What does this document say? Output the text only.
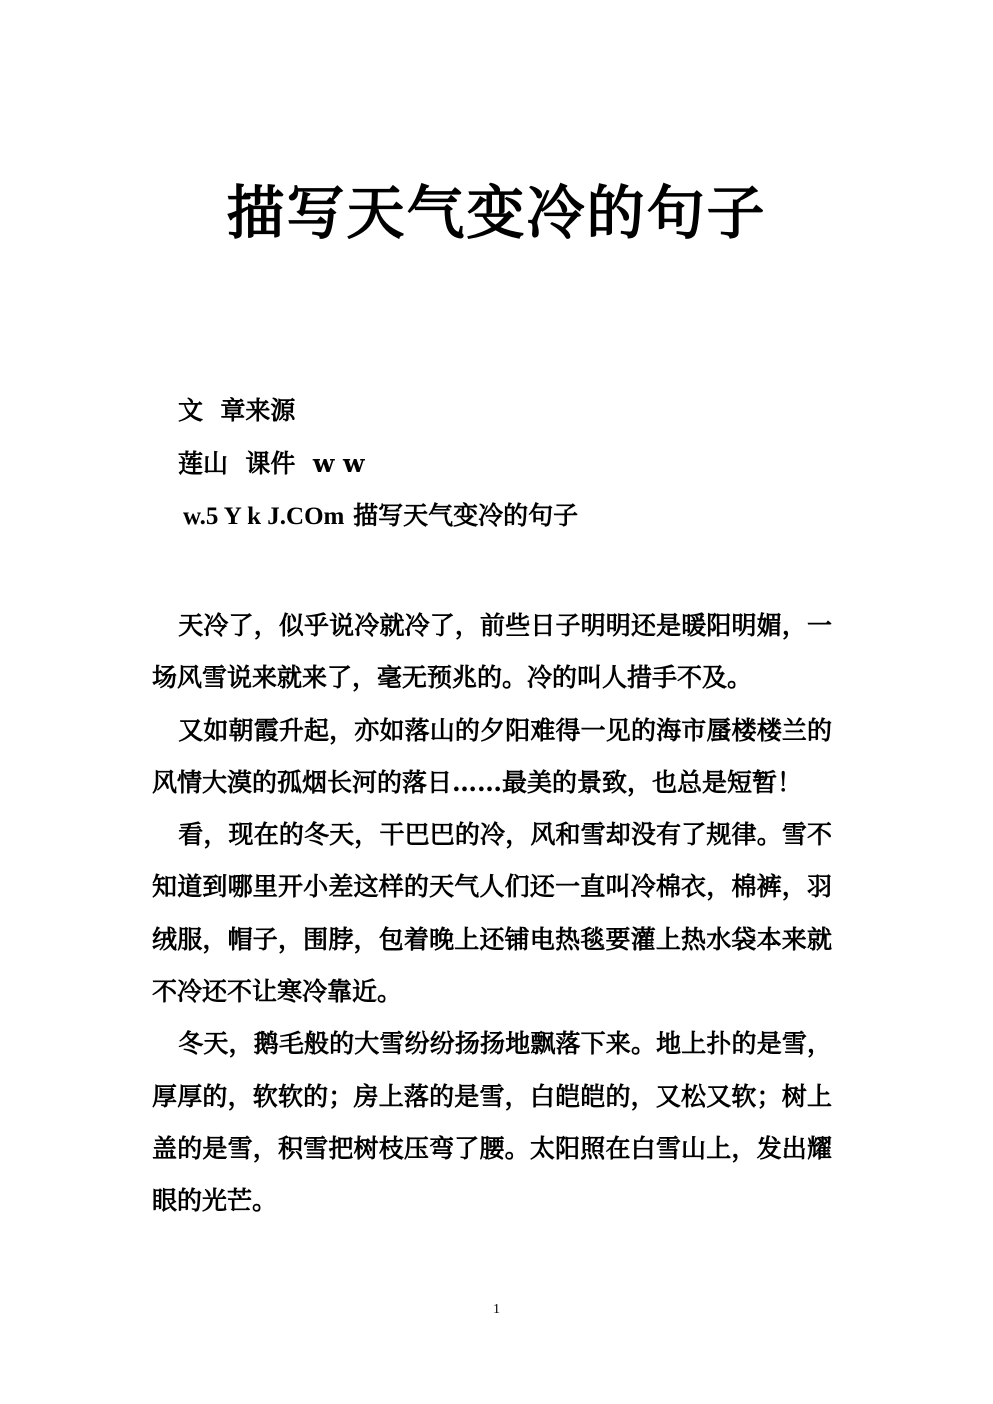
描写天气变冷的句子
文  章来源
莲山  课件  w w
w.5 Y k J.COm 描写天气变冷的句子

天冷了，似乎说冷就冷了，前些日子明明还是暖阳明媚，一场风雪说来就来了，毫无预兆的。冷的叫人措手不及。

又如朝霞升起，亦如落山的夕阳难得一见的海市蜃楼楼兰的风情大漠的孤烟长河的落日……最美的景致，也总是短暂！

看，现在的冬天，干巴巴的冷，风和雪却没有了规律。雪不知道到哪里开小差这样的天气人们还一直叫冷棉衣，棉裤，羽绒服，帽子，围脖，包着晚上还铺电热毯要灌上热水袋本来就不冷还不让寒冷靠近。

冬天，鹅毛般的大雪纷纷扬扬地飘落下来。地上扑的是雪，厚厚的，软软的；房上落的是雪，白皑皑的，又松又软；树上盖的是雪，积雪把树枝压弯了腰。太阳照在白雪山上，发出耀眼的光芒。

1
